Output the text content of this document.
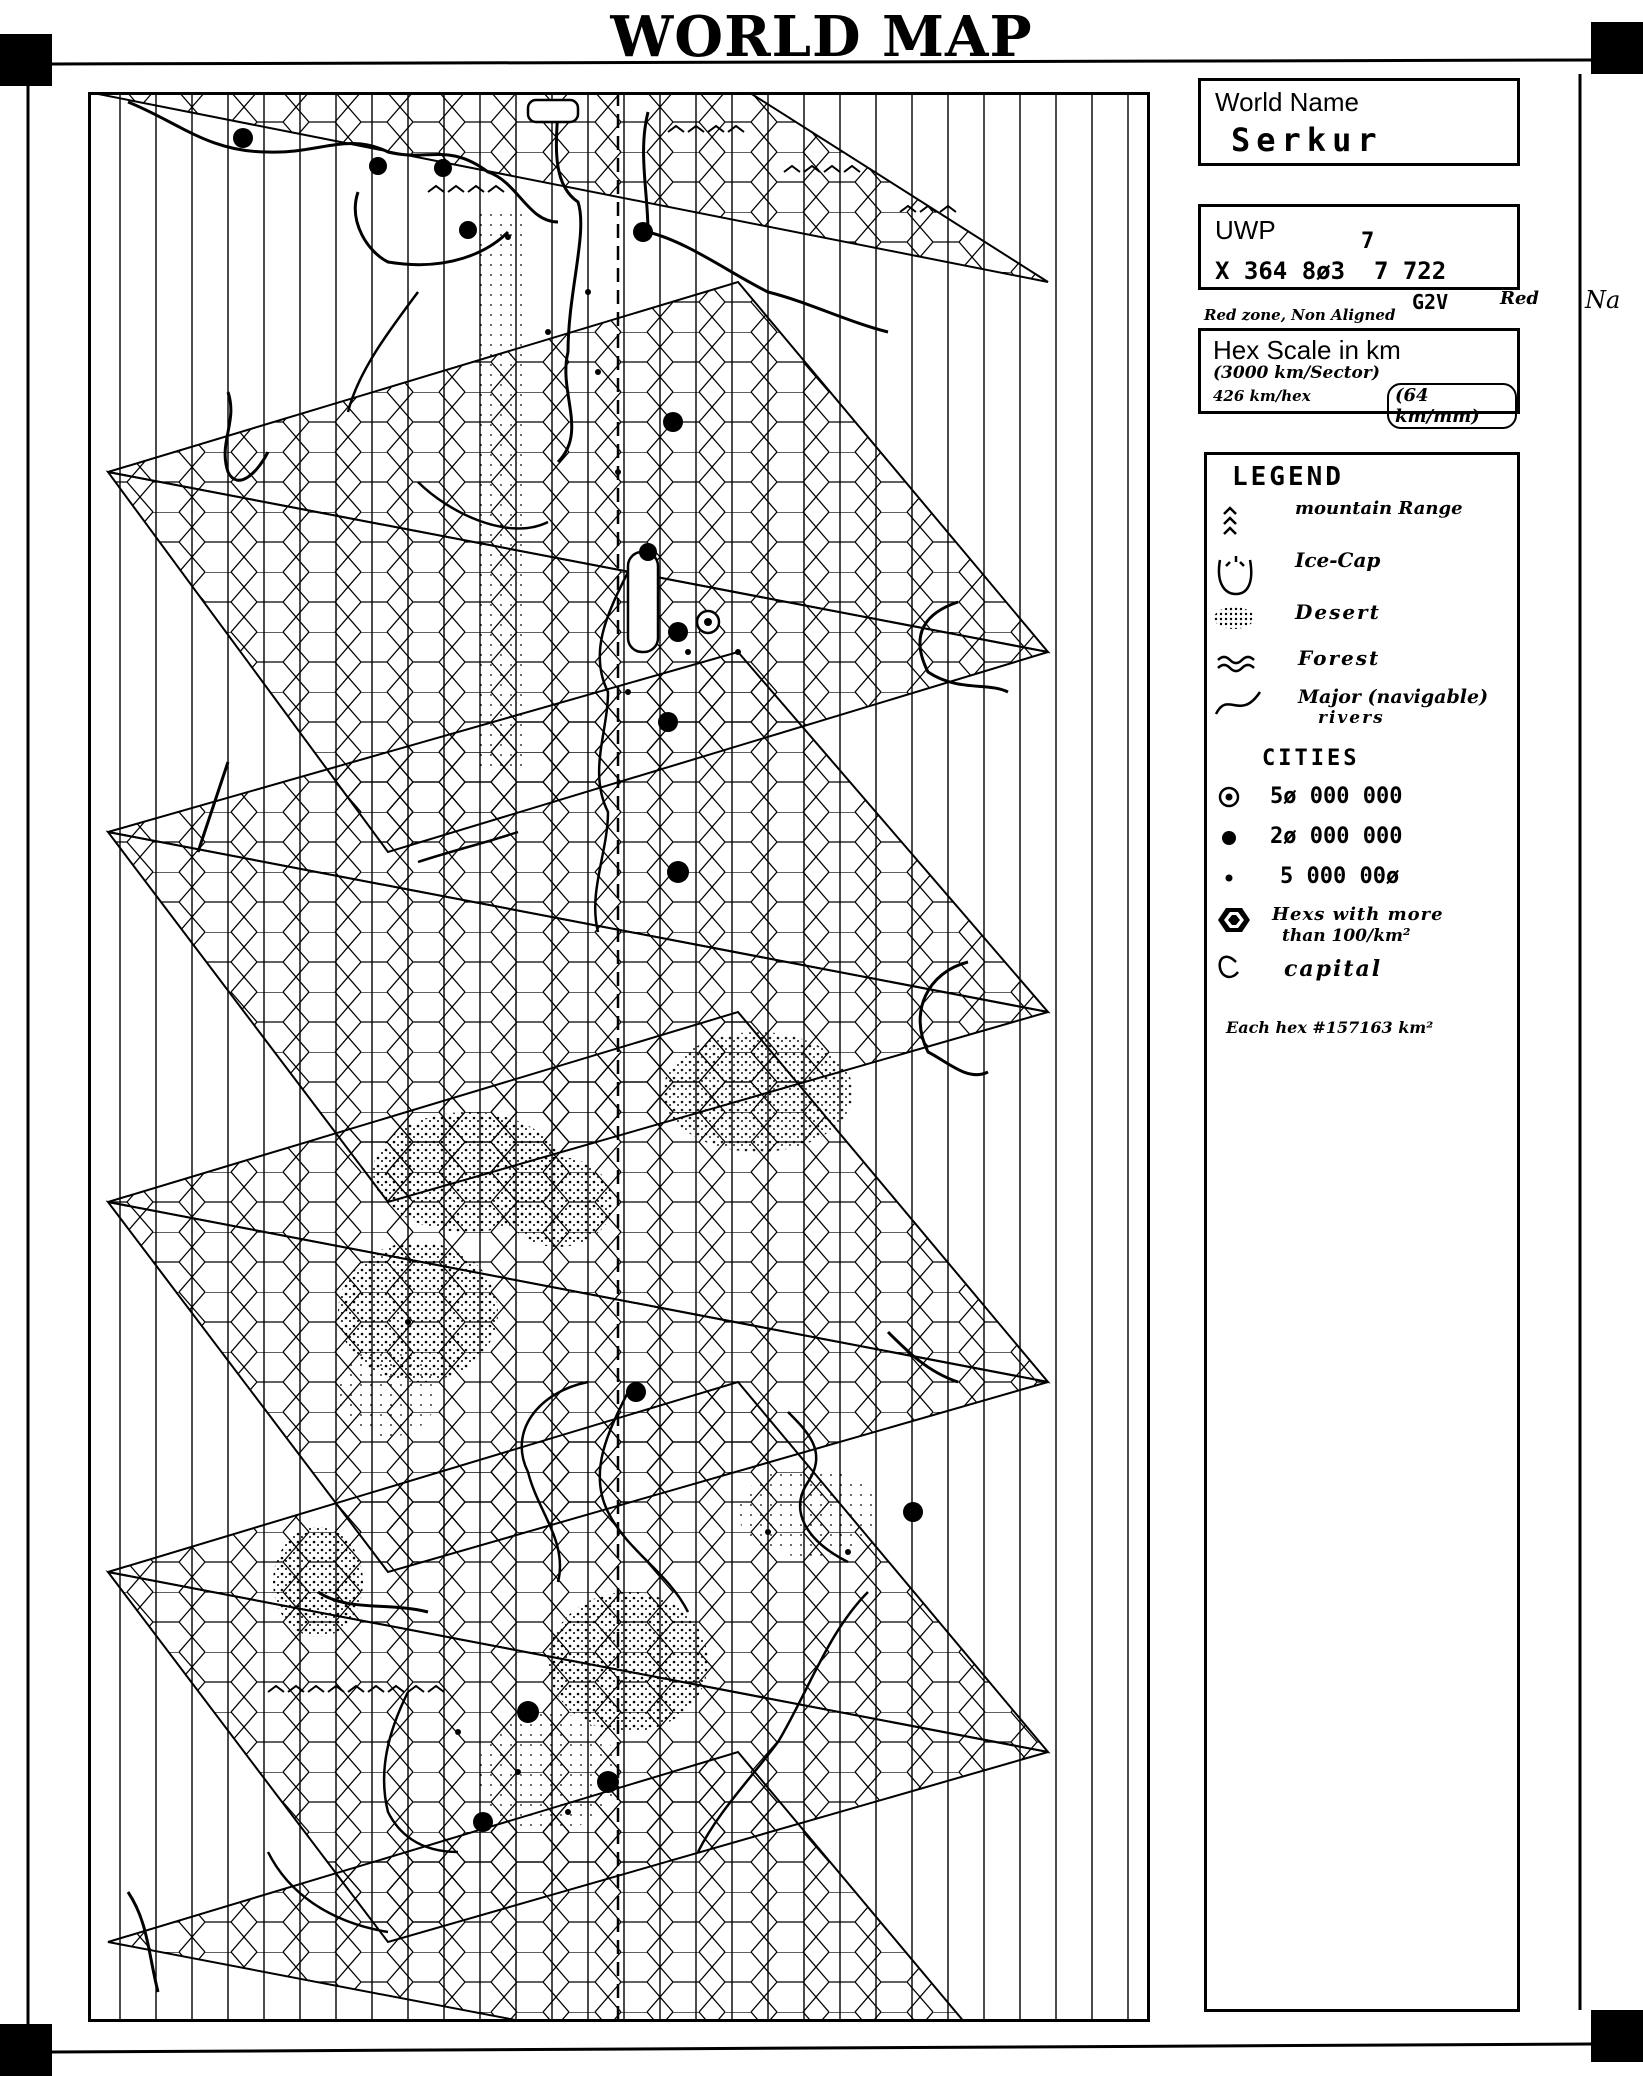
WORLD MAP
World Name
Serkur
UWP	7
X 364 8ø3  7 722
G2V	Red Na
Red zone, Non Aligned
Hex Scale in km
(3000 km/Sector)
426 km/hex	(64 km/mm)
LEGEND
mountain Range
Ice-Cap
Desert
Forest
Major (navigable)
rivers
CITIES
5ø 000 000
2ø 000 000
5 000 00ø
Hexs with more
than 100/km²
capital
Each hex #157163 km²
